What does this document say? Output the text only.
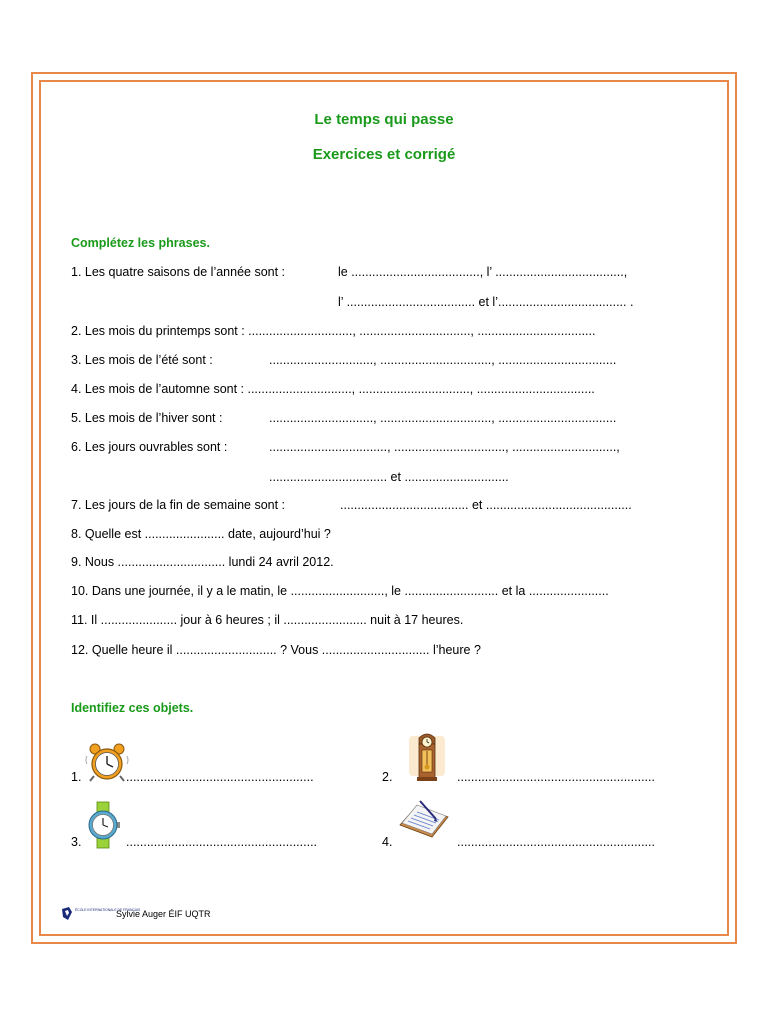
Le temps qui passe
Exercices et corrigé
Complétez les phrases.
1. Les quatre saisons de l’année sont :	le ....................................., l’ .....................................,
l’ ..................................... et l’..................................... .
2. Les mois du printemps sont : .............................., ................................, ..................................
3. Les mois de l’été sont :	.............................., ................................, ..................................
4. Les mois de l’automne sont : .............................., ................................, ..................................
5. Les mois de l’hiver sont :	.............................., ................................, ..................................
6. Les jours ouvrables sont :	.................................., ................................, ..............................,
.................................. et ..............................
7. Les jours de la fin de semaine sont :	..................................... et ..........................................
8. Quelle est ....................... date, aujourd’hui ?
9. Nous ............................... lundi 24 avril 2012.
10. Dans une journée, il y a le matin, le ..........................., le ........................... et la .......................
11. Il ...................... jour à 6 heures ; il ........................ nuit à 17 heures.
12. Quelle heure il ............................. ? Vous ............................... l’heure ?
Identifiez ces objets.
1.	......................................................	2.	.........................................................
3.	.......................................................	4.	.........................................................
ÉCOLE INTERNATIONALE DE FRANÇAIS
Sylvie Auger ÉIF UQTR
